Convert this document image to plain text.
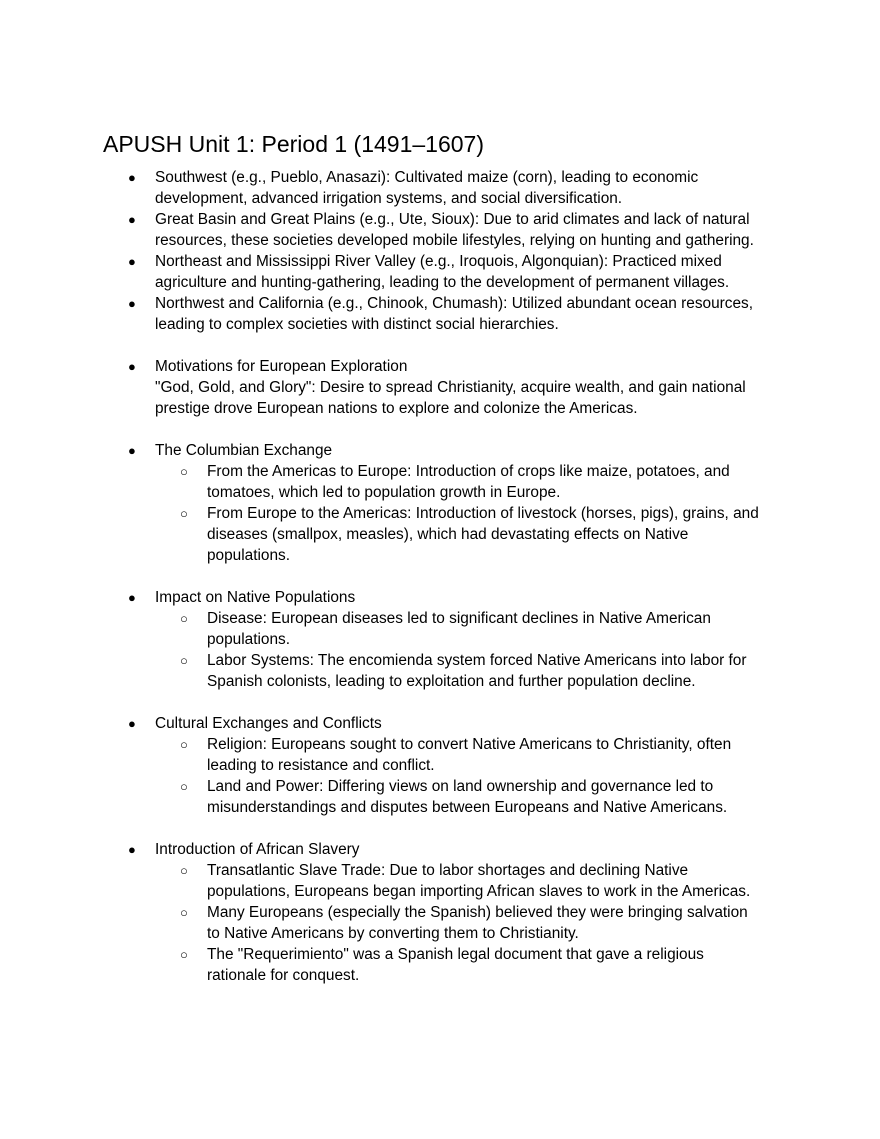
APUSH Unit 1: Period 1 (1491–1607)
●	Southwest (e.g., Pueblo, Anasazi): Cultivated maize (corn), leading to economic
development, advanced irrigation systems, and social diversification.
●	Great Basin and Great Plains (e.g., Ute, Sioux): Due to arid climates and lack of natural
resources, these societies developed mobile lifestyles, relying on hunting and gathering.
●	Northeast and Mississippi River Valley (e.g., Iroquois, Algonquian): Practiced mixed
agriculture and hunting-gathering, leading to the development of permanent villages.
●	Northwest and California (e.g., Chinook, Chumash): Utilized abundant ocean resources,
leading to complex societies with distinct social hierarchies.
●	Motivations for European Exploration
"God, Gold, and Glory": Desire to spread Christianity, acquire wealth, and gain national
prestige drove European nations to explore and colonize the Americas.
●	The Columbian Exchange
○	From the Americas to Europe: Introduction of crops like maize, potatoes, and
tomatoes, which led to population growth in Europe.
○	From Europe to the Americas: Introduction of livestock (horses, pigs), grains, and
diseases (smallpox, measles), which had devastating effects on Native
populations.
●	Impact on Native Populations
○	Disease: European diseases led to significant declines in Native American
populations.
○	Labor Systems: The encomienda system forced Native Americans into labor for
Spanish colonists, leading to exploitation and further population decline.
●	Cultural Exchanges and Conflicts
○	Religion: Europeans sought to convert Native Americans to Christianity, often
leading to resistance and conflict.
○	Land and Power: Differing views on land ownership and governance led to
misunderstandings and disputes between Europeans and Native Americans.
●	Introduction of African Slavery
○	Transatlantic Slave Trade: Due to labor shortages and declining Native
populations, Europeans began importing African slaves to work in the Americas.
○	Many Europeans (especially the Spanish) believed they were bringing salvation
to Native Americans by converting them to Christianity.
○	The "Requerimiento" was a Spanish legal document that gave a religious
rationale for conquest.
